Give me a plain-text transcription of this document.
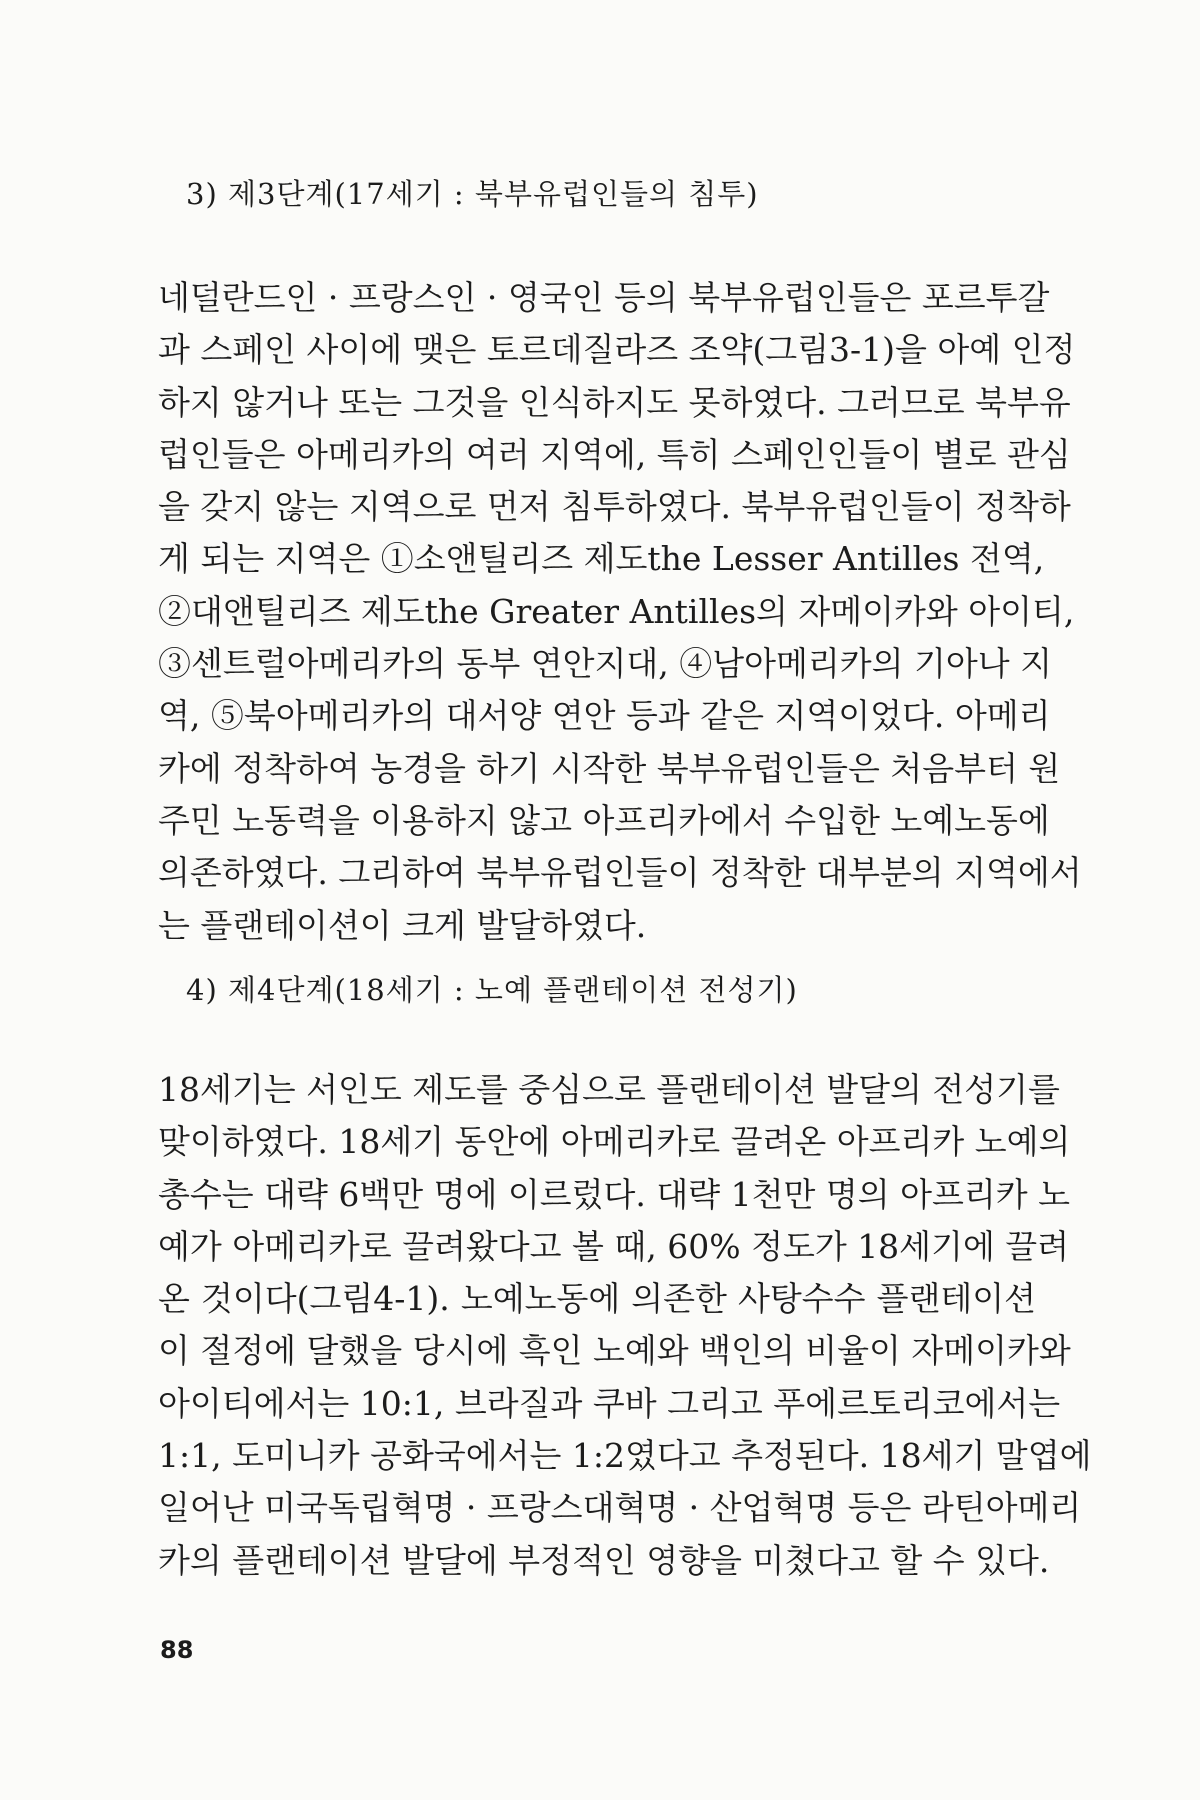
3) 제3단계(17세기 : 북부유럽인들의 침투)
네덜란드인 · 프랑스인 · 영국인 등의 북부유럽인들은 포르투갈
과 스페인 사이에 맺은 토르데질라즈 조약(그림3-1)을 아예 인정
하지 않거나 또는 그것을 인식하지도 못하였다. 그러므로 북부유
럽인들은 아메리카의 여러 지역에, 특히 스페인인들이 별로 관심
을 갖지 않는 지역으로 먼저 침투하였다. 북부유럽인들이 정착하
게 되는 지역은 ①소앤틸리즈 제도the Lesser Antilles 전역,
②대앤틸리즈 제도the Greater Antilles의 자메이카와 아이티,
③센트럴아메리카의 동부 연안지대, ④남아메리카의 기아나 지
역, ⑤북아메리카의 대서양 연안 등과 같은 지역이었다. 아메리
카에 정착하여 농경을 하기 시작한 북부유럽인들은 처음부터 원
주민 노동력을 이용하지 않고 아프리카에서 수입한 노예노동에
의존하였다. 그리하여 북부유럽인들이 정착한 대부분의 지역에서
는 플랜테이션이 크게 발달하였다.
4) 제4단계(18세기 : 노예 플랜테이션 전성기)
18세기는 서인도 제도를 중심으로 플랜테이션 발달의 전성기를
맞이하였다. 18세기 동안에 아메리카로 끌려온 아프리카 노예의
총수는 대략 6백만 명에 이르렀다. 대략 1천만 명의 아프리카 노
예가 아메리카로 끌려왔다고 볼 때, 60% 정도가 18세기에 끌려
온 것이다(그림4-1). 노예노동에 의존한 사탕수수 플랜테이션
이 절정에 달했을 당시에 흑인 노예와 백인의 비율이 자메이카와
아이티에서는 10:1, 브라질과 쿠바 그리고 푸에르토리코에서는
1:1, 도미니카 공화국에서는 1:2였다고 추정된다. 18세기 말엽에
일어난 미국독립혁명 · 프랑스대혁명 · 산업혁명 등은 라틴아메리
카의 플랜테이션 발달에 부정적인 영향을 미쳤다고 할 수 있다.
88
